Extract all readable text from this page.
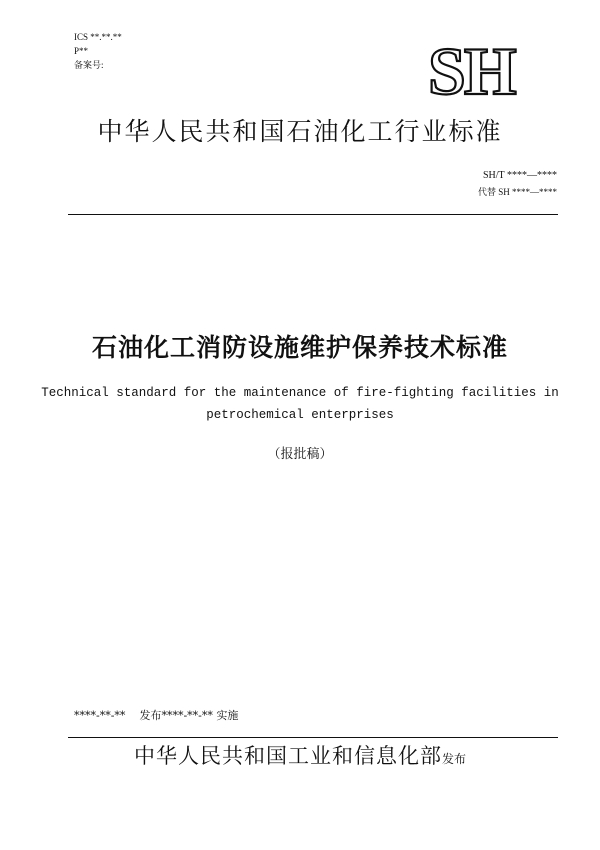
ICS **.**.**
P**
备案号:	SH
中华人民共和国石油化工行业标准
SH/T ****—****
代替 SH ****—****
石油化工消防设施维护保养技术标准
Technical standard for the maintenance of fire-fighting facilities in
petrochemical enterprises
（报批稿）
****-**-** 发布****-**-** 实施
中华人民共和国工业和信息化部发布
